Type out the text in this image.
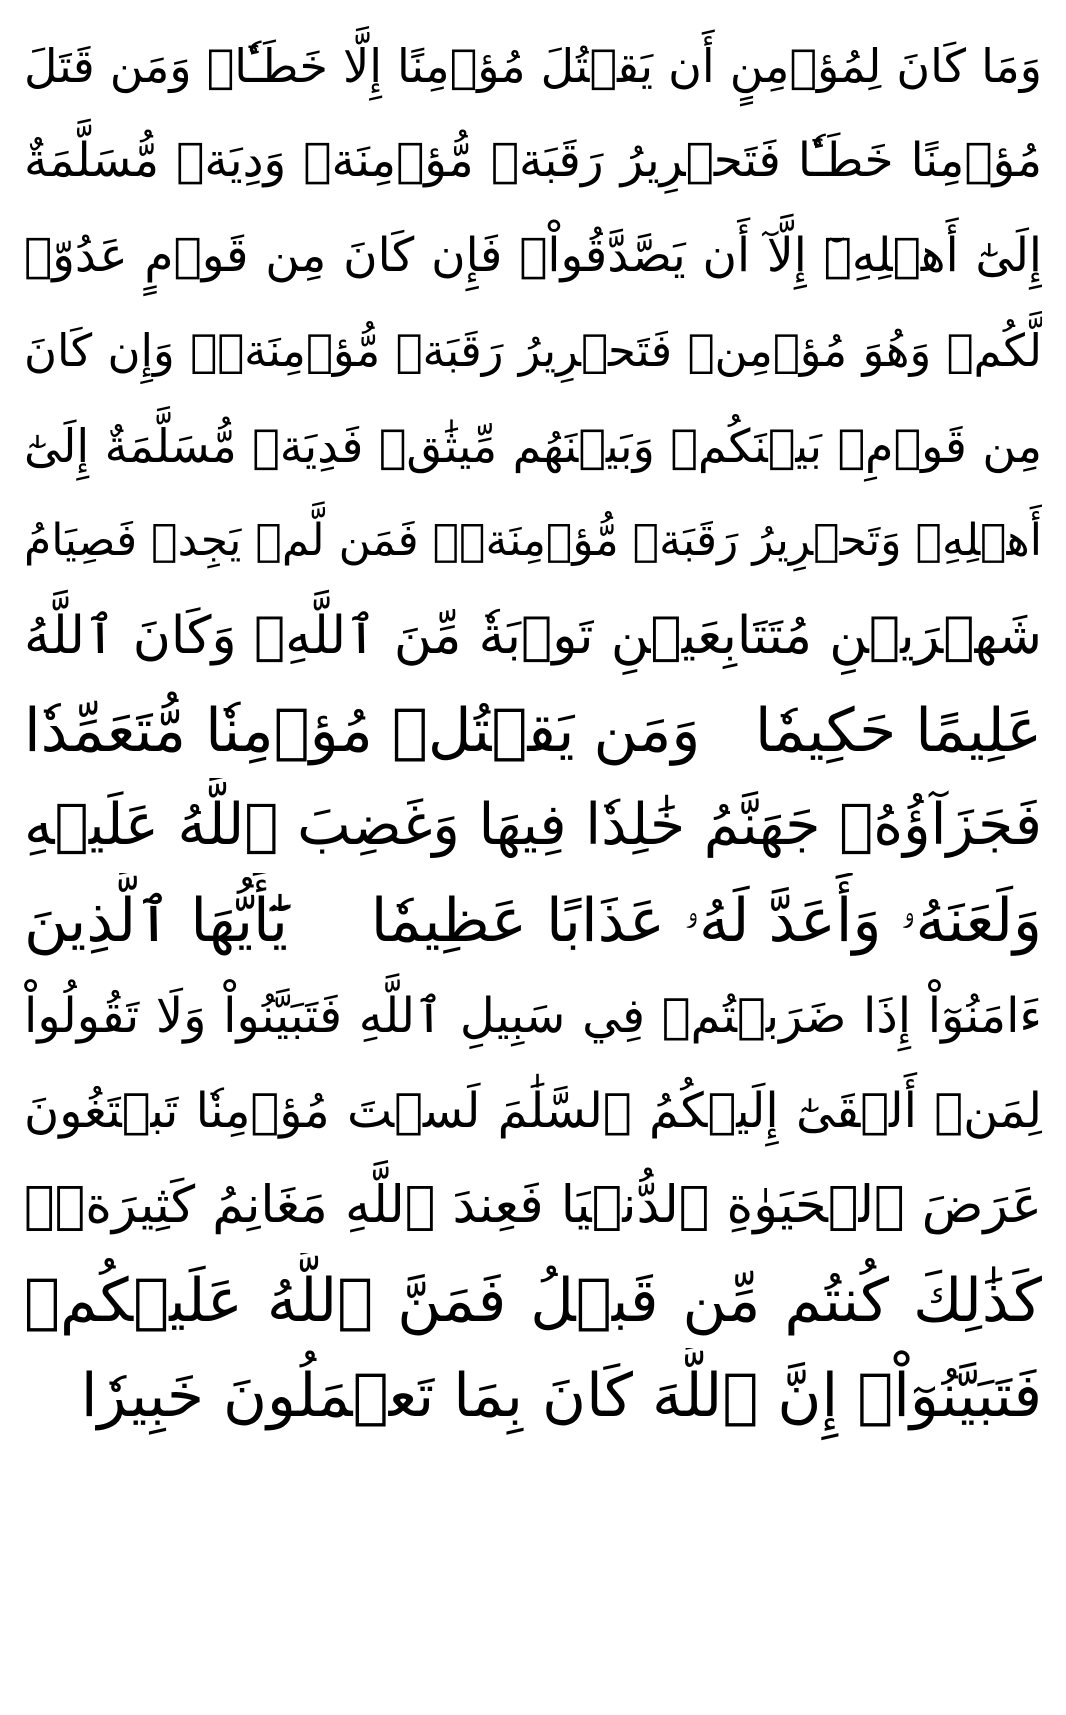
وَمَا كَانَ لِمُؤۡمِنٍ أَن يَقۡتُلَ مُؤۡمِنًا إِلَّا خَطَـٔٗاۚ وَمَن قَتَلَ
مُؤۡمِنًا خَطَـٔٗا فَتَحۡرِيرُ رَقَبَةٖ مُّؤۡمِنَةٖ وَدِيَةٞ مُّسَلَّمَةٌ
إِلَىٰٓ أَهۡلِهِۦٓ إِلَّآ أَن يَصَّدَّقُواْۚ فَإِن كَانَ مِن قَوۡمٍ عَدُوّٖ
لَّكُمۡ وَهُوَ مُؤۡمِنٞ فَتَحۡرِيرُ رَقَبَةٖ مُّؤۡمِنَةٖۖ وَإِن كَانَ
مِن قَوۡمِۭ بَيۡنَكُمۡ وَبَيۡنَهُم مِّيثَٰقٞ فَدِيَةٞ مُّسَلَّمَةٌ إِلَىٰٓ
أَهۡلِهِۦ وَتَحۡرِيرُ رَقَبَةٖ مُّؤۡمِنَةٖۖ فَمَن لَّمۡ يَجِدۡ فَصِيَامُ
شَهۡرَيۡنِ مُتَتَابِعَيۡنِ تَوۡبَةٗ مِّنَ ٱللَّهِۗ وَكَانَ ٱللَّهُ
عَلِيمًا حَكِيمٗا
وَمَن يَقۡتُلۡ مُؤۡمِنٗا مُّتَعَمِّدٗا
فَجَزَآؤُهُۥ جَهَنَّمُ خَٰلِدٗا فِيهَا وَغَضِبَ ٱللَّهُ عَلَيۡهِ
وَلَعَنَهُۥ وَأَعَدَّ لَهُۥ عَذَابًا عَظِيمٗا
يَٰٓأَيُّهَا ٱلَّذِينَ
ءَامَنُوٓاْ إِذَا ضَرَبۡتُمۡ فِي سَبِيلِ ٱللَّهِ فَتَبَيَّنُواْ وَلَا تَقُولُواْ
لِمَنۡ أَلۡقَىٰٓ إِلَيۡكُمُ ٱلسَّلَٰمَ لَسۡتَ مُؤۡمِنٗا تَبۡتَغُونَ
عَرَضَ ٱلۡحَيَوٰةِ ٱلدُّنۡيَا فَعِندَ ٱللَّهِ مَغَانِمُ كَثِيرَةٞۚ
كَذَٰلِكَ كُنتُم مِّن قَبۡلُ فَمَنَّ ٱللَّهُ عَلَيۡكُمۡ
فَتَبَيَّنُوٓاْۚ إِنَّ ٱللَّهَ كَانَ بِمَا تَعۡمَلُونَ خَبِيرٗا
